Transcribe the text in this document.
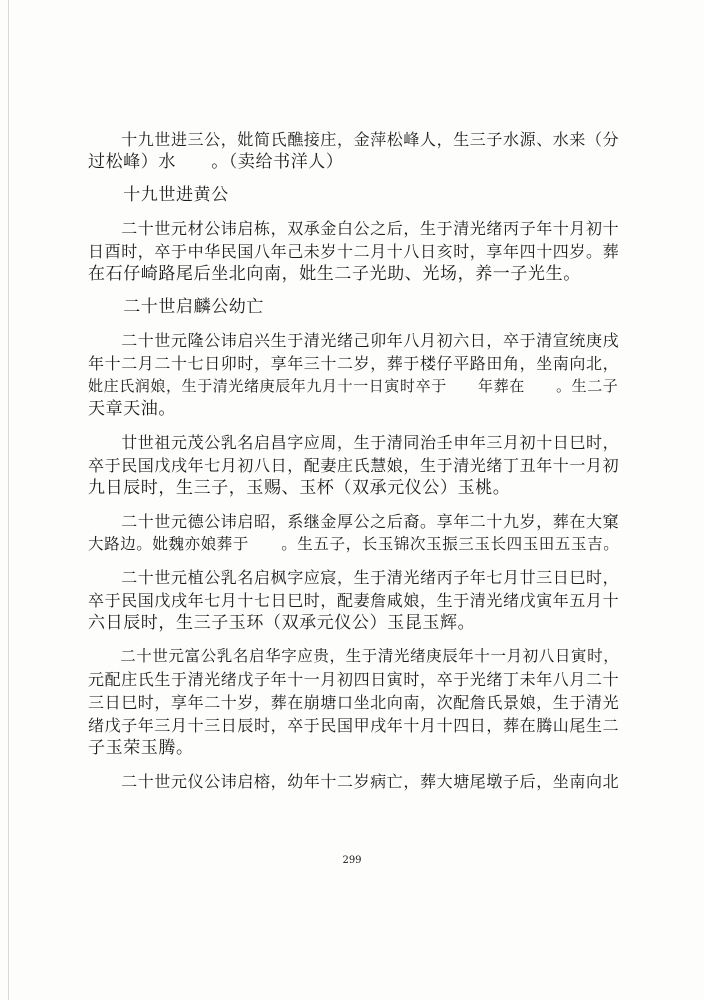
　　十九世进三公，妣简氏醮接庄，金萍松峰人，生三子水源、水来（分
过松峰）水　　。（卖给书洋人）
　　十九世进黄公
　　二十世元材公讳启栋，双承金白公之后，生于清光绪丙子年十月初十
日酉时，卒于中华民国八年己未岁十二月十八日亥时，享年四十四岁。葬
在石仔崎路尾后坐北向南，妣生二子光助、光场，养一子光生。
　　二十世启麟公幼亡
　　二十世元隆公讳启兴生于清光绪己卯年八月初六日，卒于清宣统庚戌
年十二月二十七日卯时，享年三十二岁，葬于楼仔平路田角，坐南向北，
妣庄氏润娘，生于清光绪庚辰年九月十一日寅时卒于　　年葬在　　。生二子
天章天油。
　　廿世祖元茂公乳名启昌字应周，生于清同治壬申年三月初十日巳时，
卒于民国戊戌年七月初八日，配妻庄氏慧娘，生于清光绪丁丑年十一月初
九日辰时，生三子，玉赐、玉杯（双承元仪公）玉桃。
　　二十世元德公讳启昭，系继金厚公之后裔。享年二十九岁，葬在大窠
大路边。妣魏亦娘葬于　　。生五子，长玉锦次玉振三玉长四玉田五玉吉。
　　二十世元植公乳名启枫字应宸，生于清光绪丙子年七月廿三日巳时，
卒于民国戊戌年七月十七日巳时，配妻詹咸娘，生于清光绪戊寅年五月十
六日辰时，生三子玉环（双承元仪公）玉昆玉辉。
　　二十世元富公乳名启华字应贵，生于清光绪庚辰年十一月初八日寅时，
元配庄氏生于清光绪戊子年十一月初四日寅时，卒于光绪丁未年八月二十
三日巳时，享年二十岁，葬在崩塘口坐北向南，次配詹氏景娘，生于清光
绪戊子年三月十三日辰时，卒于民国甲戌年十月十四日，葬在腾山尾生二
子玉荣玉腾。
　　二十世元仪公讳启榕，幼年十二岁病亡，葬大塘尾墩子后，坐南向北
299
